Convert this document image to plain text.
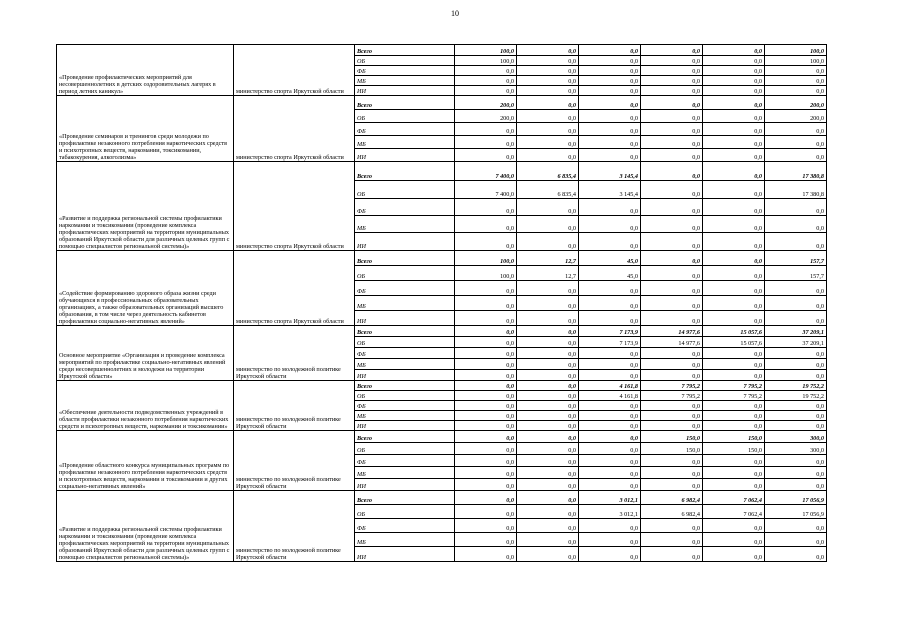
10
«Проведение профилактических мероприятий для несовершеннолетних в детских оздоровительных лагерях в период летних каникул»	министерство спорта Иркутской области	Всего	100,0	0,0	0,0	0,0	0,0	100,0
		ОБ	100,0	0,0	0,0	0,0	0,0	100,0
		ФБ	0,0	0,0	0,0	0,0	0,0	0,0
		МБ	0,0	0,0	0,0	0,0	0,0	0,0
		ИИ	0,0	0,0	0,0	0,0	0,0	0,0
«Проведение семинаров и тренингов среди молодежи по профилактике незаконного потребления наркотических средств и психотропных веществ, наркомании, токсикомании, табакокурения, алкоголизма»	министерство спорта Иркутской области	Всего	200,0	0,0	0,0	0,0	0,0	200,0
		ОБ	200,0	0,0	0,0	0,0	0,0	200,0
		ФБ	0,0	0,0	0,0	0,0	0,0	0,0
		МБ	0,0	0,0	0,0	0,0	0,0	0,0
		ИИ	0,0	0,0	0,0	0,0	0,0	0,0
«Развитие и поддержка региональной системы профилактики наркомании и токсикомании (проведение комплекса профилактических мероприятий на территории муниципальных образований Иркутской области для различных целевых групп с помощью специалистов региональной системы)»	министерство спорта Иркутской области	Всего	7 400,0	6 835,4	3 145,4	0,0	0,0	17 380,8
		ОБ	7 400,0	6 835,4	3 145,4	0,0	0,0	17 380,8
		ФБ	0,0	0,0	0,0	0,0	0,0	0,0
		МБ	0,0	0,0	0,0	0,0	0,0	0,0
		ИИ	0,0	0,0	0,0	0,0	0,0	0,0
«Содействие формированию здорового образа жизни среди обучающихся в профессиональных образовательных организациях, а также образовательных организаций высшего образования, в том числе через деятельность кабинетов профилактики социально-негативных явлений»	министерство спорта Иркутской области	Всего	100,0	12,7	45,0	0,0	0,0	157,7
		ОБ	100,0	12,7	45,0	0,0	0,0	157,7
		ФБ	0,0	0,0	0,0	0,0	0,0	0,0
		МБ	0,0	0,0	0,0	0,0	0,0	0,0
		ИИ	0,0	0,0	0,0	0,0	0,0	0,0
Основное мероприятие «Организация и проведение комплекса мероприятий по профилактике социально-негативных явлений среди несовершеннолетних и молодежи на территории Иркутской области»	министерство по молодежной политике Иркутской области	Всего	0,0	0,0	7 173,9	14 977,6	15 057,6	37 209,1
		ОБ	0,0	0,0	7 173,9	14 977,6	15 057,6	37 209,1
		ФБ	0,0	0,0	0,0	0,0	0,0	0,0
		МБ	0,0	0,0	0,0	0,0	0,0	0,0
		ИИ	0,0	0,0	0,0	0,0	0,0	0,0
«Обеспечение деятельности подведомственных учреждений в области профилактики незаконного потребления наркотических средств и психотропных веществ, наркомании и токсикомании»	министерство по молодежной политике Иркутской области	Всего	0,0	0,0	4 161,8	7 795,2	7 795,2	19 752,2
		ОБ	0,0	0,0	4 161,8	7 795,2	7 795,2	19 752,2
		ФБ	0,0	0,0	0,0	0,0	0,0	0,0
		МБ	0,0	0,0	0,0	0,0	0,0	0,0
		ИИ	0,0	0,0	0,0	0,0	0,0	0,0
«Проведение областного конкурса муниципальных программ по профилактике незаконного потребления наркотических средств и психотропных веществ, наркомании и токсикомании и других социально-негативных явлений»	министерство по молодежной политике Иркутской области	Всего	0,0	0,0	0,0	150,0	150,0	300,0
		ОБ	0,0	0,0	0,0	150,0	150,0	300,0
		ФБ	0,0	0,0	0,0	0,0	0,0	0,0
		МБ	0,0	0,0	0,0	0,0	0,0	0,0
		ИИ	0,0	0,0	0,0	0,0	0,0	0,0
«Развитие и поддержка региональной системы профилактики наркомании и токсикомании (проведение комплекса профилактических мероприятий на территории муниципальных образований Иркутской области для различных целевых групп с помощью специалистов региональной системы)»	министерство по молодежной политике Иркутской области	Всего	0,0	0,0	3 012,1	6 982,4	7 062,4	17 056,9
		ОБ	0,0	0,0	3 012,1	6 982,4	7 062,4	17 056,9
		ФБ	0,0	0,0	0,0	0,0	0,0	0,0
		МБ	0,0	0,0	0,0	0,0	0,0	0,0
		ИИ	0,0	0,0	0,0	0,0	0,0	0,0
